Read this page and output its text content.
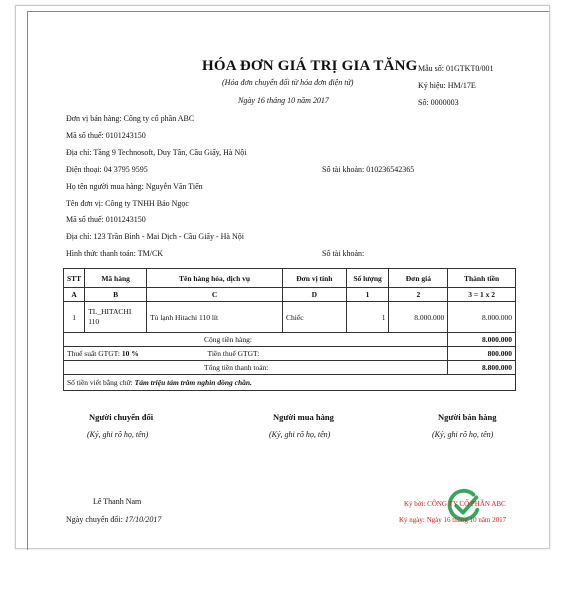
HÓA ĐƠN GIÁ TRỊ GIA TĂNG
(Hóa đơn chuyển đổi từ hóa đơn điện tử)
Ngày 16 tháng 10 năm 2017
Mẫu số: 01GTKT0/001
Ký hiệu: HM/17E
Số: 0000003
Đơn vị bán hàng: Công ty cổ phần ABC
Mã số thuế: 0101243150
Địa chỉ: Tầng 9 Technosoft, Duy Tân, Cầu Giấy, Hà Nội
Điện thoại: 04 3795 9595	Số tài khoản: 010236542365
Họ tên người mua hàng: Nguyễn Văn Tiến
Tên đơn vị: Công ty TNHH Bảo Ngọc
Mã số thuế: 0101243150
Địa chỉ: 123 Trần Bình - Mai Dịch - Cầu Giấy - Hà Nội
Hình thức thanh toán: TM/CK	Số tài khoản:
STT	Mã hàng	Tên hàng hóa, dịch vụ	Đơn vị tính	Số lượng	Đơn giá	Thành tiền
A	B	C	D	1	2	3 = 1 x 2
1	TL_HITACHI 110	Tủ lạnh Hitachi 110 lít	Chiếc	1	8.000.000	8.000.000
Cộng tiền hàng:						8.000.000
Thuế suất GTGT: 10 % Tiền thuế GTGT:						800.000
Tổng tiền thanh toán:						8.800.000
Số tiền viết bằng chữ: Tám triệu tám trăm nghìn đồng chẵn.						
Người chuyển đổi	Người mua hàng	Người bán hàng
(Ký, ghi rõ họ, tên)	(Ký, ghi rõ họ, tên)	(Ký, ghi rõ họ, tên)
Lê Thanh Nam
Ngày chuyển đổi: 17/10/2017
Ký bởi: CÔNG TY CỔ PHẦN ABC
Ký ngày: Ngày 16 tháng 10 năm 2017
